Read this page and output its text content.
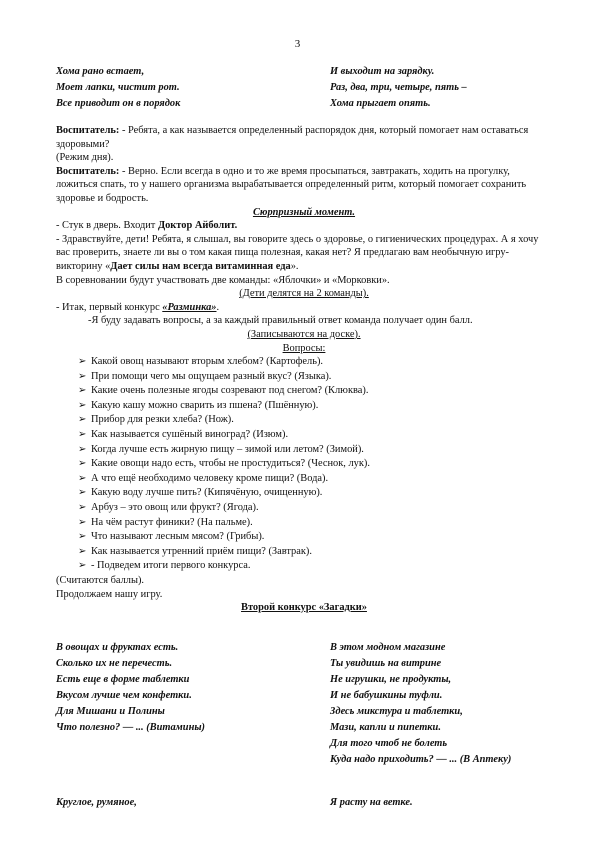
3
Хома рано встает,
Моет лапки, чистит рот.
Все приводит он в порядок
И выходит на зарядку.
Раз, два, три, четыре, пять –
Хома прыгает опять.

Воспитатель: - Ребята, а как называется определенный распорядок дня, который помогает нам оставаться здоровыми?

(Режим дня).

Воспитатель: - Верно. Если всегда в одно и то же время просыпаться, завтракать, ходить на прогулку, ложиться спать, то у нашего организма вырабатывается определенный ритм, который помогает сохранить здоровье и бодрость.

Сюрпризный момент.

- Стук в дверь. Входит Доктор Айболит.

- Здравствуйте, дети! Ребята, я слышал, вы говорите здесь о здоровье, о гигиенических процедурах. А я хочу вас проверить, знаете ли вы о том какая пища полезная, какая нет? Я предлагаю вам необычную игру-викторину «Дает силы нам всегда витаминная еда».

В соревновании будут участвовать две команды: «Яблочки» и «Морковки».

(Дети делятся на 2 команды).

- Итак, первый конкурс «Разминка».

-Я буду задавать вопросы, а за каждый правильный ответ команда получает один балл.

(Записываются на доске).

Вопросы:

➢ Какой овощ называют вторым хлебом? (Картофель).
➢ При помощи чего мы ощущаем разный вкус? (Языка).
➢ Какие очень полезные ягоды созревают под снегом? (Клюква).
➢ Какую кашу можно сварить из пшена? (Пшённую).
➢ Прибор для резки хлеба? (Нож).
➢ Как называется сушёный виноград? (Изюм).
➢ Когда лучше есть жирную пищу – зимой или летом? (Зимой).
➢ Какие овощи надо есть, чтобы не простудиться? (Чеснок, лук).
➢ А что ещё необходимо человеку кроме пищи? (Вода).
➢ Какую воду лучше пить? (Кипячёную, очищенную).
➢ Арбуз – это овощ или фрукт? (Ягода).
➢ На чём растут финики? (На пальме).
➢ Что называют лесным мясом? (Грибы).
➢ Как называется утренний приём пищи? (Завтрак).
➢ - Подведем итоги первого конкурса.

(Считаются баллы).

Продолжаем нашу игру.

Второй конкурс «Загадки»

В овощах и фруктах есть.
Сколько их не перечесть.
Есть еще в форме таблетки
Вкусом лучше чем конфетки.
Для Мишани и Полины
Что полезно? — ... (Витамины)
В этом модном магазине
Ты увидишь на витрине
Не игрушки, не продукты,
И не бабушкины туфли.
Здесь микстура и таблетки,
Мази, капли и пипетки.
Для того чтоб не болеть
Куда надо приходить? — ... (В Аптеку)
Круглое, румяное,	Я расту на ветке.
